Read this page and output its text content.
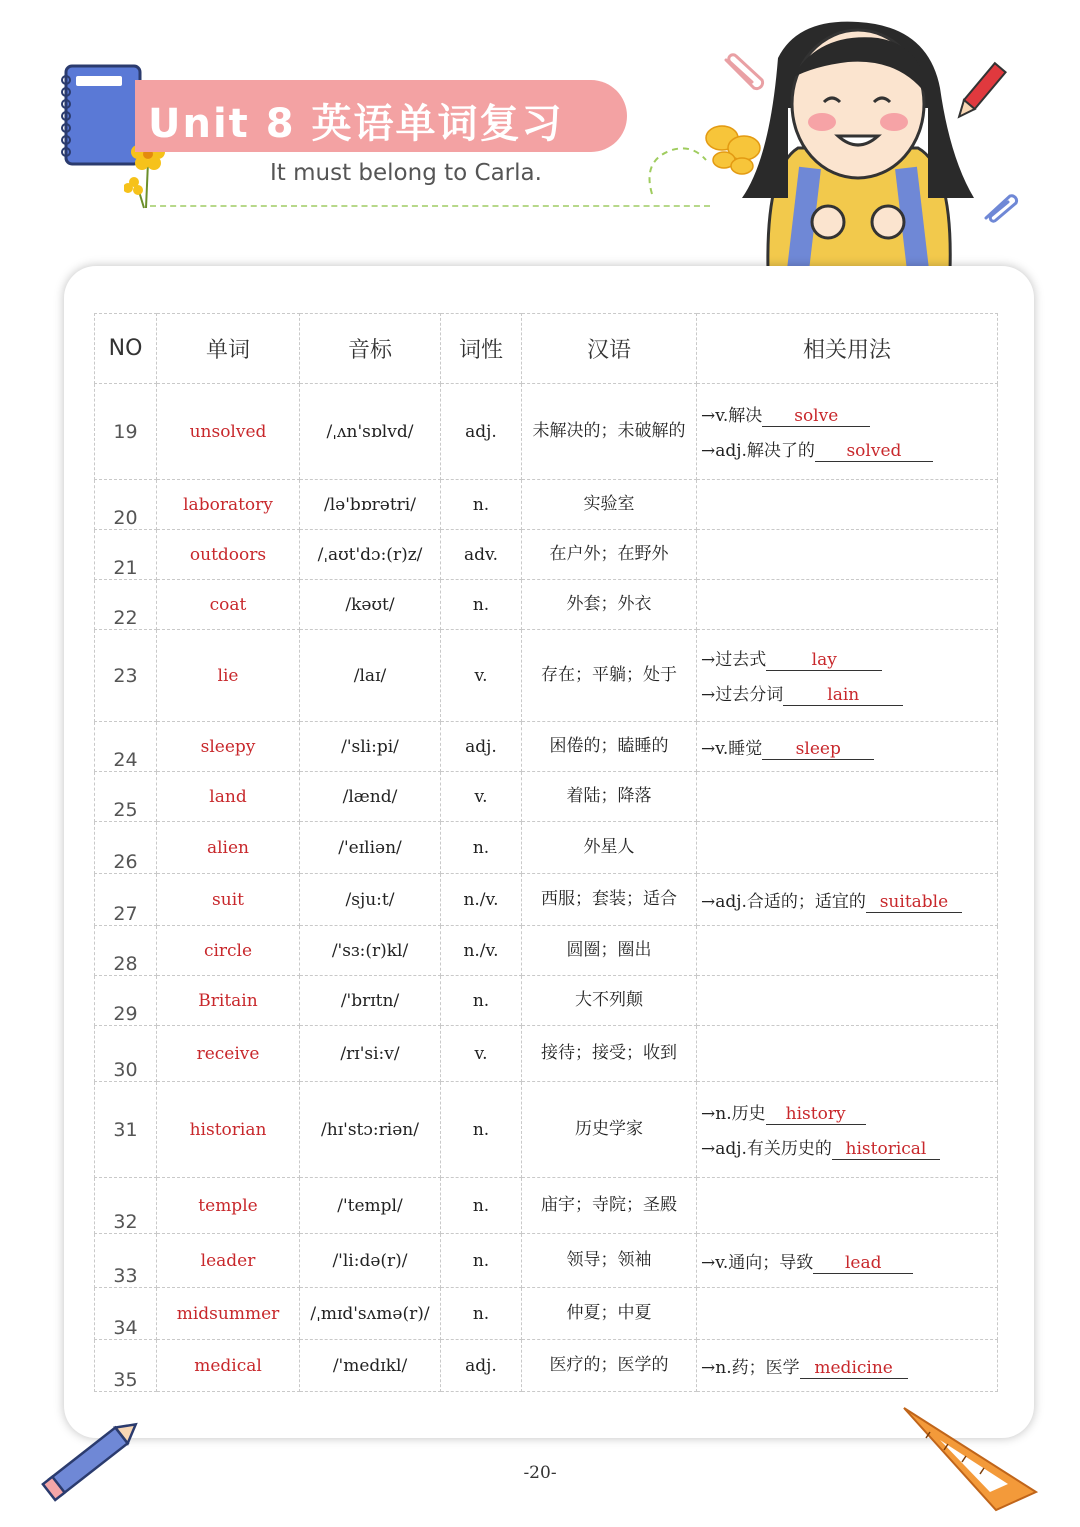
Unit 8 英语单词复习
It must belong to Carla.
NO	单词	音标	词性	汉语	相关用法
19	unsolved	/ˌʌn'sɒlvd/	adj.	未解决的；未破解的	→v.解决 solve
→adj.解决了的 solved

20	laboratory	/lə'bɒrətri/	n.	实验室	
21	outdoors	/ˌaʊt'dɔ:(r)z/	adv.	在户外；在野外	
22	coat	/kəʊt/	n.	外套；外衣	
23	lie	/laɪ/	v.	存在；平躺；处于	→过去式 lay
→过去分词 lain

24	sleepy	/'sli:pi/	adj.	困倦的；瞌睡的	→v.睡觉 sleep

25	land	/lænd/	v.	着陆；降落	
26	alien	/'eɪliən/	n.	外星人	
27	suit	/sju:t/	n./v.	西服；套装；适合	→adj.合适的；适宜的 suitable

28	circle	/'sɜ:(r)kl/	n./v.	圆圈；圈出	
29	Britain	/'brɪtn/	n.	大不列颠	
30	receive	/rɪ'si:v/	v.	接待；接受；收到	
31	historian	/hɪ'stɔ:riən/	n.	历史学家	→n.历史 history
→adj.有关历史的 historical

32	temple	/'templ/	n.	庙宇；寺院；圣殿	
33	leader	/'li:də(r)/	n.	领导；领袖	→v.通向；导致 lead

34	midsummer	/ˌmɪd'sʌmə(r)/	n.	仲夏；中夏	
35	medical	/'medɪkl/	adj.	医疗的；医学的	→n.药；医学 medicine
-20-
